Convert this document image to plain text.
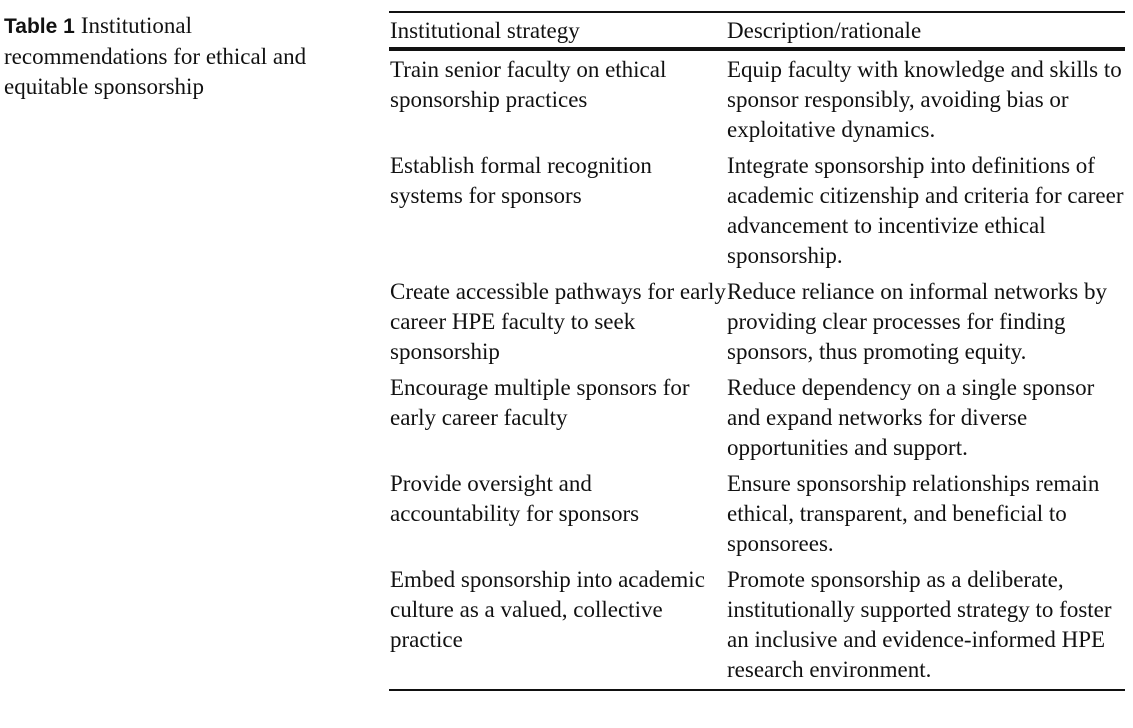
Table 1 Institutional recommendations for ethical and equitable sponsorship
Institutional strategy	Description/rationale
Train senior faculty on ethical sponsorship practices
Equip faculty with knowledge and skills to sponsor responsibly, avoiding bias or exploitative dynamics.
Establish formal recognition systems for sponsors
Integrate sponsorship into definitions of academic citizenship and criteria for career advancement to incentivize ethical sponsorship.
Create accessible pathways for early career HPE faculty to seek sponsorship
Reduce reliance on informal networks by providing clear processes for finding sponsors, thus promoting equity.
Encourage multiple sponsors for early career faculty
Reduce dependency on a single sponsor and expand networks for diverse opportunities and support.
Provide oversight and accountability for sponsors
Ensure sponsorship relationships remain ethical, transparent, and beneficial to sponsorees.
Embed sponsorship into academic culture as a valued, collective practice
Promote sponsorship as a deliberate, institutionally supported strategy to foster an inclusive and evidence-informed HPE research environment.
